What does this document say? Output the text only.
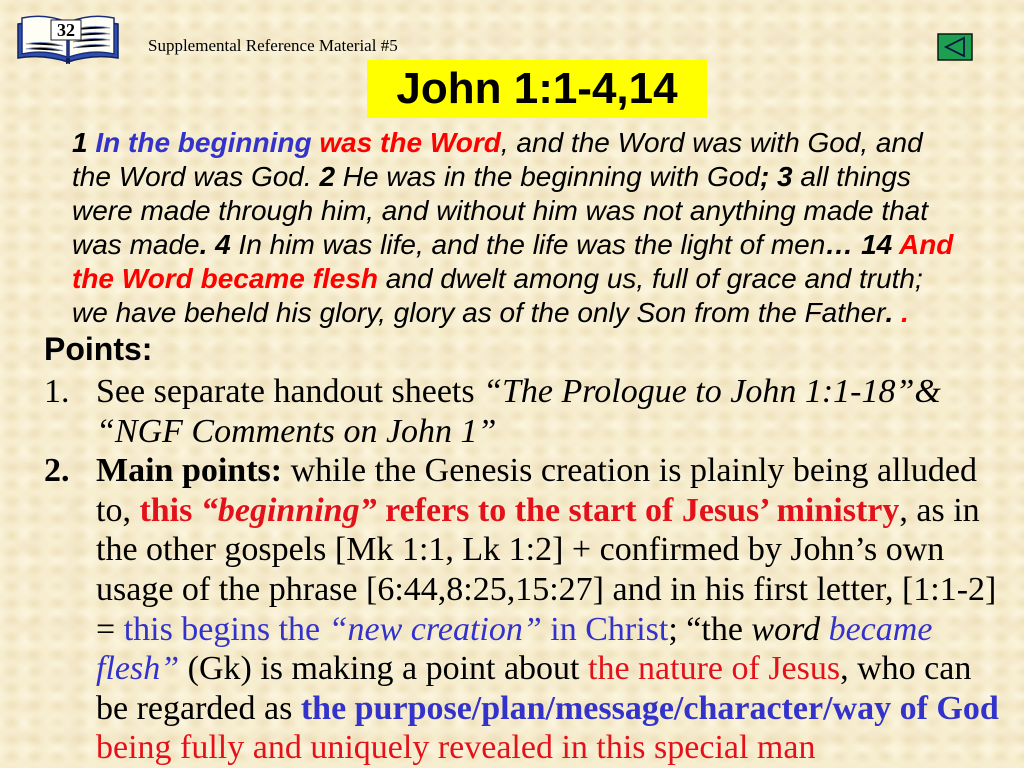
32
Supplemental Reference Material #5
John 1:1-4,14
1 In the beginning was the Word, and the Word was with God, and
the Word was God. 2 He was in the beginning with God; 3 all things
were made through him, and without him was not anything made that
was made. 4 In him was life, and the life was the light of men… 14 And
the Word became flesh and dwelt among us, full of grace and truth;
we have beheld his glory, glory as of the only Son from the Father. .
Points:
1. See separate handout sheets “The Prologue to John 1:1-18”&
“NGF Comments on John 1”
2. Main points: while the Genesis creation is plainly being alluded
to, this “beginning” refers to the start of Jesus’ ministry, as in
the other gospels [Mk 1:1, Lk 1:2] + confirmed by John’s own
usage of the phrase [6:44,8:25,15:27] and in his first letter, [1:1-2]
= this begins the “new creation” in Christ; “the word became
flesh” (Gk) is making a point about the nature of Jesus, who can
be regarded as the purpose/plan/message/character/way of God
being fully and uniquely revealed in this special man
